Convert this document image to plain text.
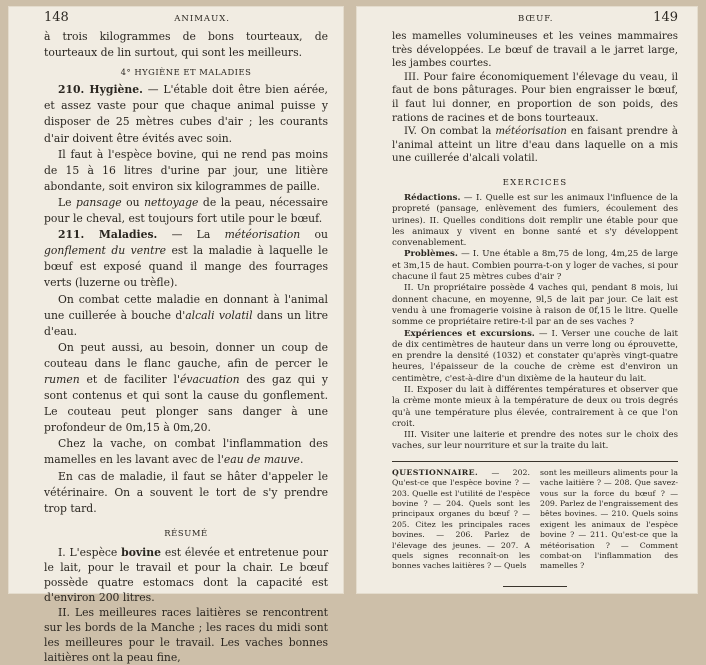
148	ANIMAUX.

à trois kilogrammes de bons tourteaux, de tourteaux de lin surtout, qui sont les meilleurs.

4° HYGIÈNE ET MALADIES

210. Hygiène. — L'étable doit être bien aérée, et assez vaste pour que chaque animal puisse y disposer de 25 mètres cubes d'air ; les courants d'air doivent être évités avec soin.

Il faut à l'espèce bovine, qui ne rend pas moins de 15 à 16 litres d'urine par jour, une litière abondante, soit environ six kilogrammes de paille.

Le pansage ou nettoyage de la peau, nécessaire pour le cheval, est toujours fort utile pour le bœuf.

211. Maladies. — La météorisation ou gonflement du ventre est la maladie à laquelle le bœuf est exposé quand il mange des fourrages verts (luzerne ou trèfle).

On combat cette maladie en donnant à l'animal une cuillerée à bouche d'alcali volatil dans un litre d'eau.

On peut aussi, au besoin, donner un coup de couteau dans le flanc gauche, afin de percer le rumen et de faciliter l'évacuation des gaz qui y sont contenus et qui sont la cause du gonflement. Le couteau peut plonger sans danger à une profondeur de 0m,15 à 0m,20.

Chez la vache, on combat l'inflammation des mamelles en les lavant avec de l'eau de mauve.

En cas de maladie, il faut se hâter d'appeler le vétérinaire. On a souvent le tort de s'y prendre trop tard.

RÉSUMÉ

I. L'espèce bovine est élevée et entretenue pour le lait, pour le travail et pour la chair. Le bœuf possède quatre estomacs dont la capacité est d'environ 200 litres.

II. Les meilleures races laitières se rencontrent sur les bords de la Manche ; les races du midi sont les meilleures pour le travail. Les vaches bonnes laitières ont la peau fine,

BŒUF.	149

les mamelles volumineuses et les veines mammaires très développées. Le bœuf de travail a le jarret large, les jambes courtes.

III. Pour faire économiquement l'élevage du veau, il faut de bons pâturages. Pour bien engraisser le bœuf, il faut lui donner, en proportion de son poids, des rations de racines et de bons tourteaux.

IV. On combat la météorisation en faisant prendre à l'animal atteint un litre d'eau dans laquelle on a mis une cuillerée d'alcali volatil.

EXERCICES

Rédactions. — I. Quelle est sur les animaux l'influence de la propreté (pansage, enlèvement des fumiers, écoulement des urines). II. Quelles conditions doit remplir une étable pour que les animaux y vivent en bonne santé et s'y développent convenablement.

Problèmes. — I. Une étable a 8m,75 de long, 4m,25 de large et 3m,15 de haut. Combien pourra-t-on y loger de vaches, si pour chacune il faut 25 mètres cubes d'air ?

II. Un propriétaire possède 4 vaches qui, pendant 8 mois, lui donnent chacune, en moyenne, 9l,5 de lait par jour. Ce lait est vendu à une fromagerie voisine à raison de 0f,15 le litre. Quelle somme ce propriétaire retire-t-il par an de ses vaches ?

Expériences et excursions. — I. Verser une couche de lait de dix centimètres de hauteur dans un verre long ou éprouvette, en prendre la densité (1032) et constater qu'après vingt-quatre heures, l'épaisseur de la couche de crème est d'environ un centimètre, c'est-à-dire d'un dixième de la hauteur du lait.

II. Exposer du lait à différentes températures et observer que la crème monte mieux à la température de deux ou trois degrés qu'à une température plus élevée, contrairement à ce que l'on croit.

III. Visiter une laiterie et prendre des notes sur le choix des vaches, sur leur nourriture et sur la traite du lait.

QUESTIONNAIRE. — 202. Qu'est-ce que l'espèce bovine ? — 203. Quelle est l'utilité de l'espèce bovine ? — 204. Quels sont les principaux organes du bœuf ? — 205. Citez les principales races bovines. — 206. Parlez de l'élevage des jeunes. — 207. A quels signes reconnaît-on les bonnes vaches laitières ? — Quels
sont les meilleurs aliments pour la vache laitière ? — 208. Que savez-vous sur la force du bœuf ? — 209. Parlez de l'engraissement des bêtes bovines. — 210. Quels soins exigent les animaux de l'espèce bovine ? — 211. Qu'est-ce que la météorisation ? — Comment combat-on l'inflammation des mamelles ?
